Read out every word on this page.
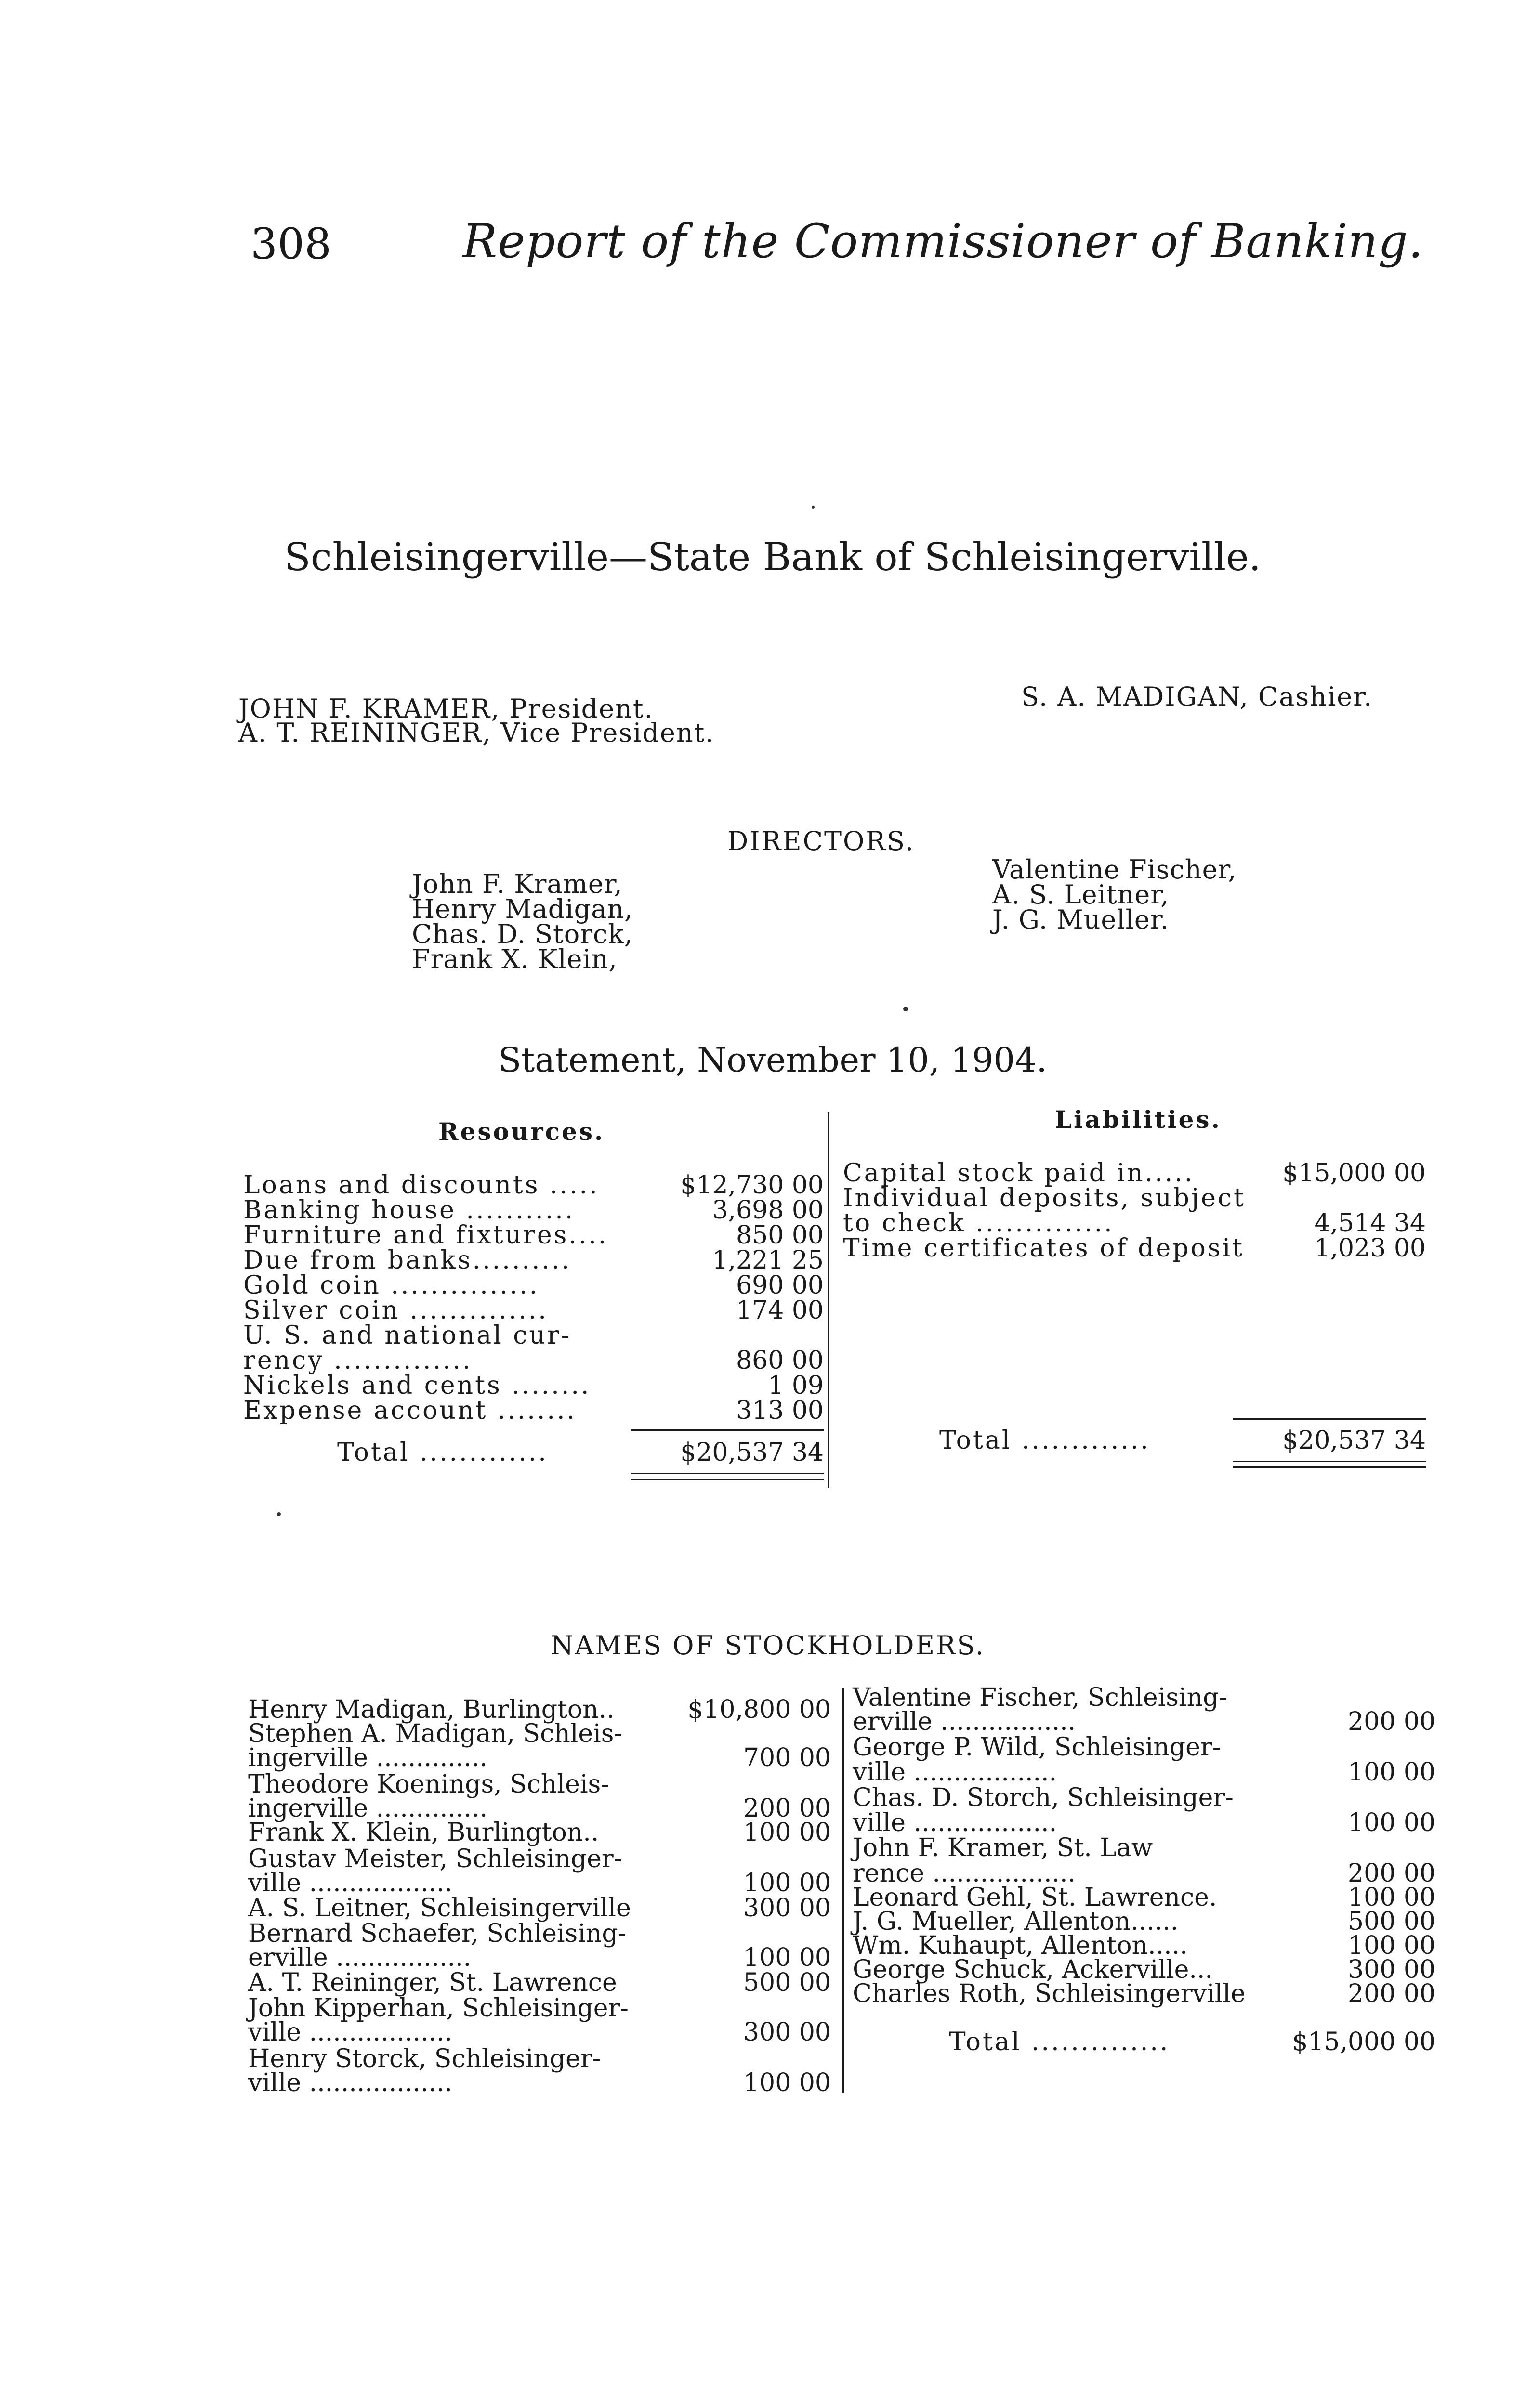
308	Report of the Commissioner of Banking.
Schleisingerville—State Bank of Schleisingerville.
JOHN F. KRAMER, President.
A. T. REININGER, Vice President.
S. A. MADIGAN, Cashier.
DIRECTORS.
John F. Kramer,
Henry Madigan,
Chas. D. Storck,
Frank X. Klein,
Valentine Fischer,
A. S. Leitner,
J. G. Mueller.
Statement, November 10, 1904.
Resources.	Liabilities.
Loans and discounts .....	$12,730 00
Banking house ...........	3,698 00
Furniture and fixtures....	850 00
Due from banks..........	1,221 25
Gold coin ...............	690 00
Silver coin ..............	174 00
U. S. and national cur-
rency ..............	860 00
Nickels and cents ........	1 09
Expense account ........	313 00
Total .............	$20,537 34
Capital stock paid in.....	$15,000 00
Individual deposits, subject
to check ..............	4,514 34
Time certificates of deposit	1,023 00
Total .............	$20,537 34
NAMES OF STOCKHOLDERS.
Henry Madigan, Burlington..	$10,800 00
Stephen A. Madigan, Schleis-
ingerville ..............	700 00
Theodore Koenings, Schleis-
ingerville ..............	200 00
Frank X. Klein, Burlington..	100 00
Gustav Meister, Schleisinger-
ville ..................	100 00
A. S. Leitner, Schleisingerville	300 00
Bernard Schaefer, Schleising-
erville .................	100 00
A. T. Reininger, St. Lawrence	500 00
John Kipperhan, Schleisinger-
ville ..................	300 00
Henry Storck, Schleisinger-
ville ..................	100 00
Valentine Fischer, Schleising-
erville .................	200 00
George P. Wild, Schleisinger-
ville ..................	100 00
Chas. D. Storch, Schleisinger-
ville ..................	100 00
John F. Kramer, St. Law
rence ..................	200 00
Leonard Gehl, St. Lawrence.	100 00
J. G. Mueller, Allenton......	500 00
Wm. Kuhaupt, Allenton.....	100 00
George Schuck, Ackerville...	300 00
Charles Roth, Schleisingerville	200 00
Total ..............	$15,000 00
